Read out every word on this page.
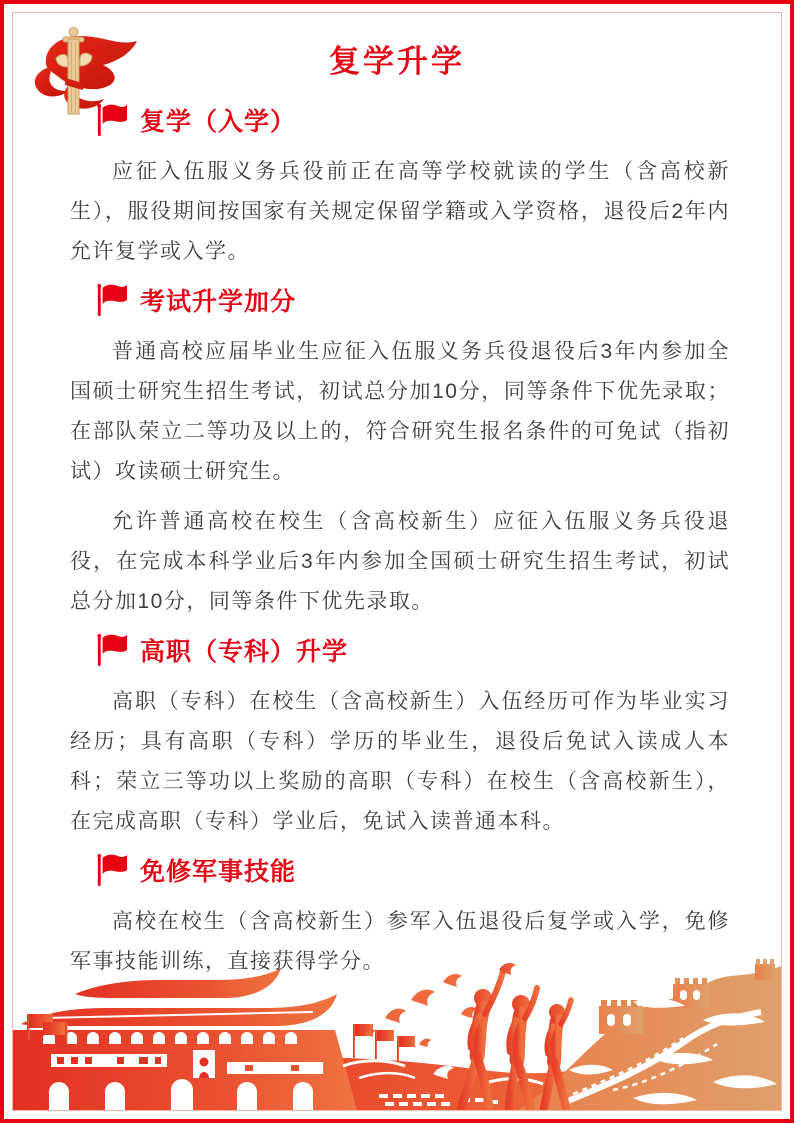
复学升学
复学（入学）

应征入伍服义务兵役前正在高等学校就读的学生（含高校新生），服役期间按国家有关规定保留学籍或入学资格，退役后2年内允许复学或入学。

考试升学加分

普通高校应届毕业生应征入伍服义务兵役退役后3年内参加全国硕士研究生招生考试，初试总分加10分，同等条件下优先录取；在部队荣立二等功及以上的，符合研究生报名条件的可免试（指初试）攻读硕士研究生。

允许普通高校在校生（含高校新生）应征入伍服义务兵役退役，在完成本科学业后3年内参加全国硕士研究生招生考试，初试总分加10分，同等条件下优先录取。

高职（专科）升学

高职（专科）在校生（含高校新生）入伍经历可作为毕业实习经历；具有高职（专科）学历的毕业生，退役后免试入读成人本科；荣立三等功以上奖励的高职（专科）在校生（含高校新生），在完成高职（专科）学业后，免试入读普通本科。

免修军事技能

高校在校生（含高校新生）参军入伍退役后复学或入学，免修军事技能训练，直接获得学分。
